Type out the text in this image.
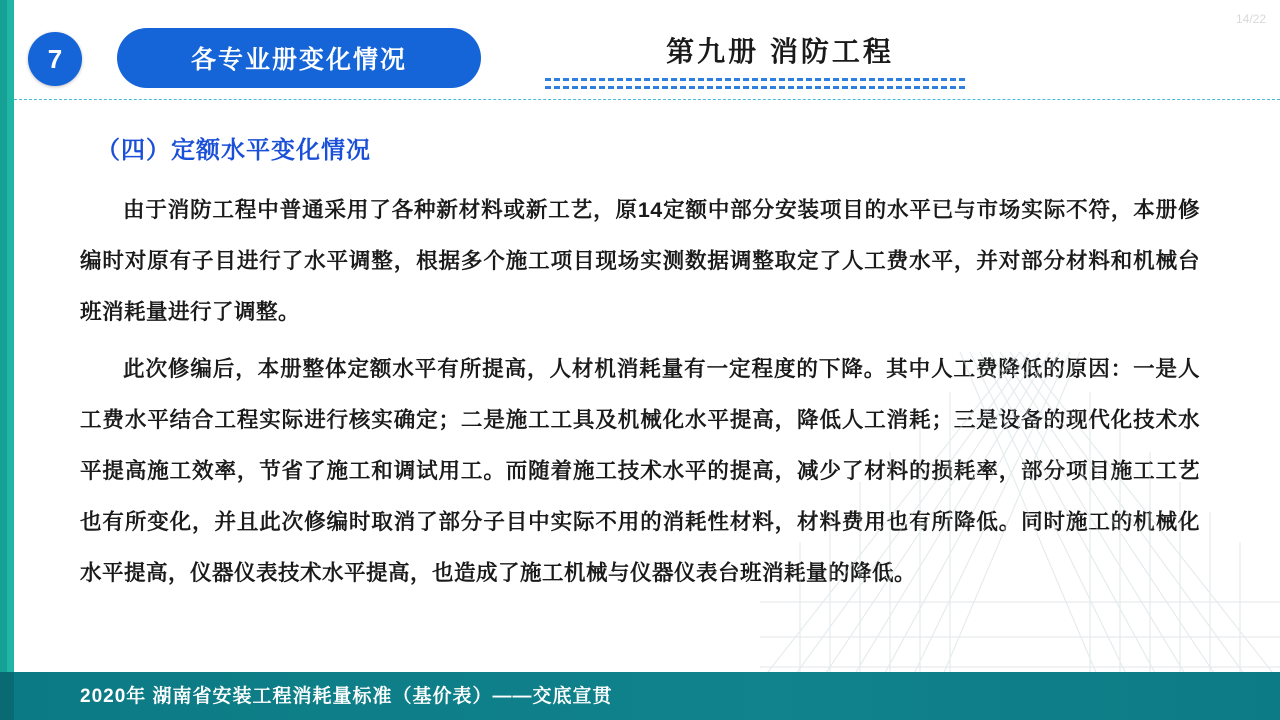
7	各专业册变化情况	第九册 消防工程
14/22
（四）定额水平变化情况

由于消防工程中普通采用了各种新材料或新工艺，原14定额中部分安装项目的水平已与市场实际不符，本册修编时对原有子目进行了水平调整，根据多个施工项目现场实测数据调整取定了人工费水平，并对部分材料和机械台班消耗量进行了调整。

此次修编后，本册整体定额水平有所提高，人材机消耗量有一定程度的下降。其中人工费降低的原因：一是人工费水平结合工程实际进行核实确定；二是施工工具及机械化水平提高，降低人工消耗；三是设备的现代化技术水平提高施工效率，节省了施工和调试用工。而随着施工技术水平的提高，减少了材料的损耗率，部分项目施工工艺也有所变化，并且此次修编时取消了部分子目中实际不用的消耗性材料，材料费用也有所降低。同时施工的机械化水平提高，仪器仪表技术水平提高，也造成了施工机械与仪器仪表台班消耗量的降低。

2020年 湖南省安装工程消耗量标准（基价表）——交底宣贯
